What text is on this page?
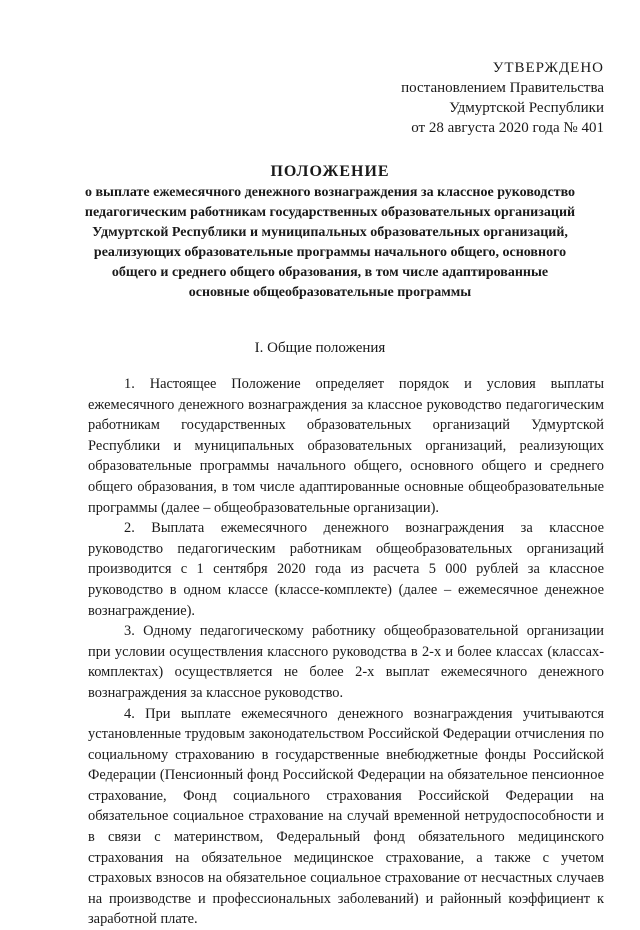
УТВЕРЖДЕНО
постановлением Правительства
Удмуртской Республики
от 28 августа 2020 года № 401
ПОЛОЖЕНИЕ
о выплате ежемесячного денежного вознаграждения за классное руководство педагогическим работникам государственных образовательных организаций Удмуртской Республики и муниципальных образовательных организаций, реализующих образовательные программы начального общего, основного общего и среднего общего образования, в том числе адаптированные основные общеобразовательные программы
I. Общие положения

1. Настоящее Положение определяет порядок и условия выплаты ежемесячного денежного вознаграждения за классное руководство педагогическим работникам государственных образовательных организаций Удмуртской Республики и муниципальных образовательных организаций, реализующих образовательные программы начального общего, основного общего и среднего общего образования, в том числе адаптированные основные общеобразовательные программы (далее – общеобразовательные организации).

2. Выплата ежемесячного денежного вознаграждения за классное руководство педагогическим работникам общеобразовательных организаций производится с 1 сентября 2020 года из расчета 5 000 рублей за классное руководство в одном классе (классе-комплекте) (далее – ежемесячное денежное вознаграждение).

3. Одному педагогическому работнику общеобразовательной организации при условии осуществления классного руководства в 2-х и более классах (классах-комплектах) осуществляется не более 2-х выплат ежемесячного денежного вознаграждения за классное руководство.

4. При выплате ежемесячного денежного вознаграждения учитываются установленные трудовым законодательством Российской Федерации отчисления по социальному страхованию в государственные внебюджетные фонды Российской Федерации (Пенсионный фонд Российской Федерации на обязательное пенсионное страхование, Фонд социального страхования Российской Федерации на обязательное социальное страхование на случай временной нетрудоспособности и в связи с материнством, Федеральный фонд обязательного медицинского страхования на обязательное медицинское страхование, а также с учетом страховых взносов на обязательное социальное страхование от несчастных случаев на производстве и профессиональных заболеваний) и районный коэффициент к заработной плате.
